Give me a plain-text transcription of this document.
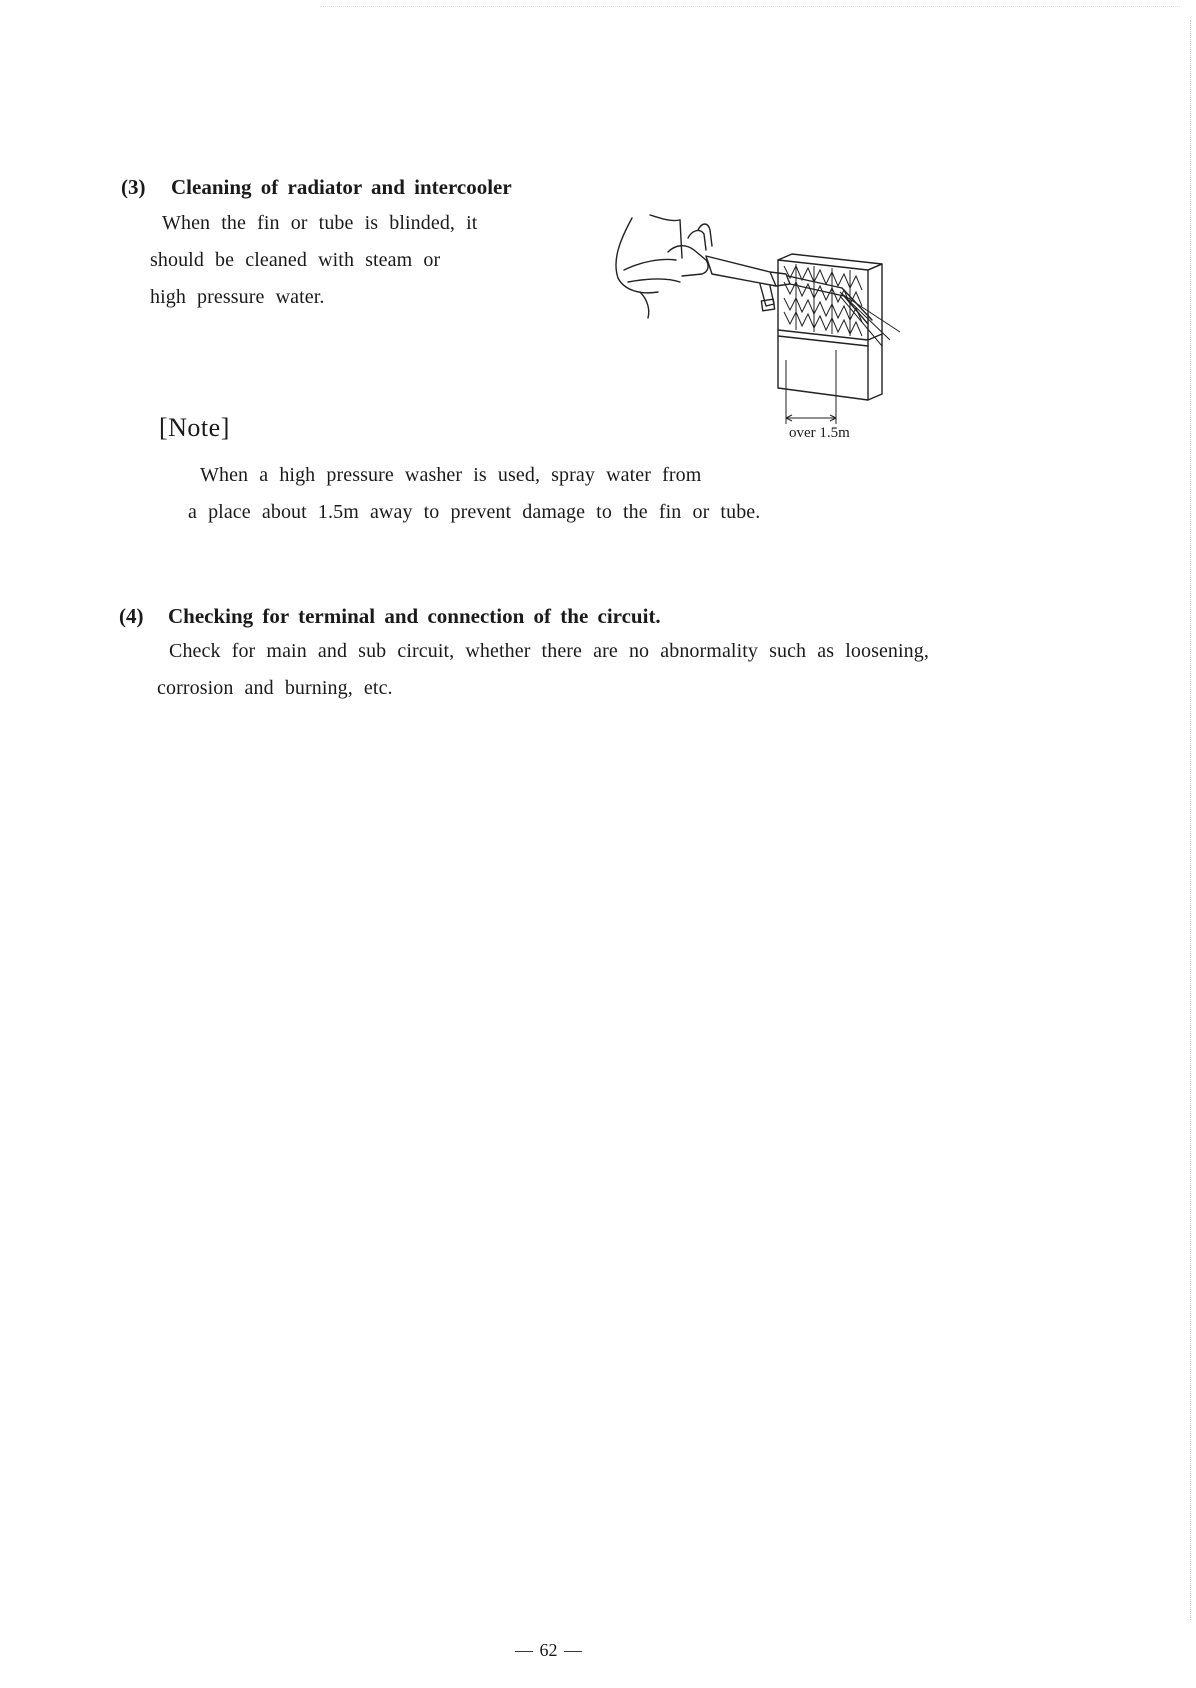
(3) Cleaning of radiator and intercooler
When the fin or tube is blinded, it
should be cleaned with steam or
high pressure water.
over 1.5m
[Note]
When a high pressure washer is used, spray water from
a place about 1.5m away to prevent damage to the fin or tube.
(4) Checking for terminal and connection of the circuit.
Check for main and sub circuit, whether there are no abnormality such as loosening,
corrosion and burning, etc.
— 62 —
